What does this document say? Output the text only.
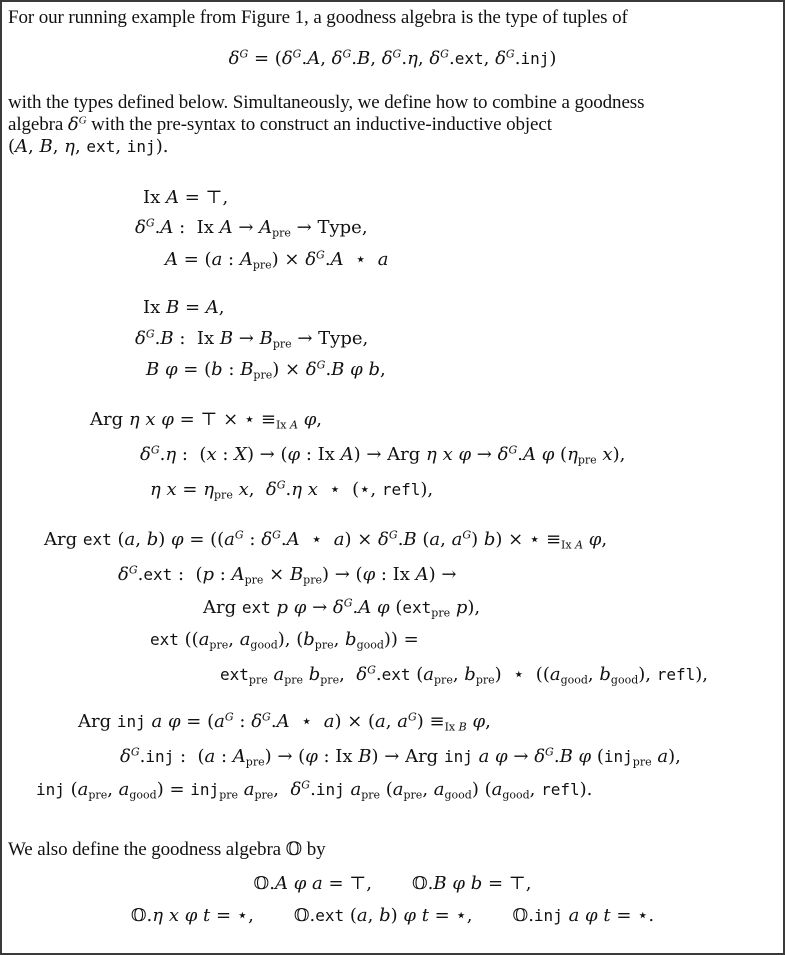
For our running example from Figure 1, a goodness algebra is the type of tuples of
$\delta^G = (\delta^G.A$, $\delta^G.B$, $\delta^G.\eta$, $\delta^G.ext$, $\delta^G.inj$)
with the types defined below. Simultaneously, we define how to combine a goodness
algebra $\delta^G$ with the pre-syntax to construct an inductive-inductive object
(A, B, η, ext, inj).
Ix A = ⊤,
$\delta^G.A$ :  Ix $A \to A_{pre}$ → Type,
A = (a : $A_{pre}) \times \delta^G.A$  ⋆  a
Ix B = A,
$\delta^G.B$ :  Ix $B \to B_{pre}$ → Type,
B φ = (b : $B_{pre}) \times \delta^G.B$ φ b,
Arg η x φ = ⊤ × ⋆ $\equiv_{Ix A}$ φ,
$\delta^G.\eta$ :  (x : X) → (φ : Ix A) → Arg η x $\varphi \to \delta^G.A$ φ ($\eta_{pre}$ x),
η $x = \eta_{pre}$ x,  $\delta^G.\eta$ x  ⋆  (⋆, refl),
Arg ext (a, b) $\varphi = ((a^G$ : $\delta^G.A$  ⋆  $a) \times \delta^G.B$ (a, $a^G$) b) × ⋆ $\equiv_{Ix A}$ φ,
$\delta^G.ext$ :  (p : $A_{pre} \times B_{pre}) \to (\varphi$ : Ix A) →
Arg ext p $\varphi \to \delta^G.A$ φ (ext$_{pre}$ p),
ext (($a_{pre}$, $a_{good}$), ($b_{pre}$, $b_{good}$)) =
ext$_{pre}$ $a_{pre}$ $b_{pre}$,  $\delta^G.ext$ ($a_{pre}$, $b_{pre}$)  ⋆  (($a_{good}$, $b_{good}$), refl),
Arg inj a $\varphi = (a^G$ : $\delta^G.A$  ⋆  a) × (a, $a^G) \equiv_{Ix B}$ φ,
$\delta^G.inj$ :  (a : $A_{pre}) \to (\varphi$ : Ix B) → Arg inj a $\varphi \to \delta^G.B$ φ (inj$_{pre}$ a),
inj ($a_{pre}$, $a_{good}) = inj_{pre}$ $a_{pre}$,  $\delta^G.inj$ $a_{pre}$ ($a_{pre}$, $a_{good}$) ($a_{good}$, refl).
We also define the goodness algebra 𝕆 by
𝕆.A φ a = ⊤,       𝕆.B φ b = ⊤,
𝕆.η x φ t = ⋆,       𝕆.ext (a, b) φ t = ⋆,       𝕆.inj a φ t = ⋆.
